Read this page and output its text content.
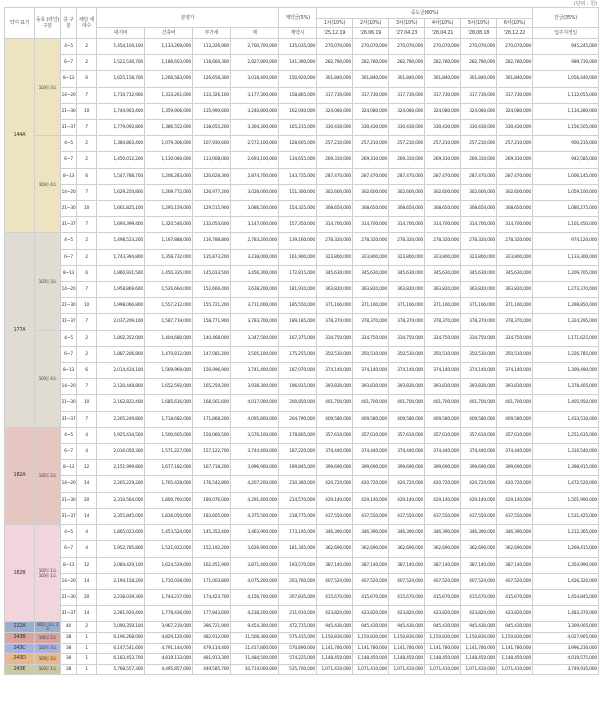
(단위 : 원)
약식 표기	동호 (라인) 구분	층 구분	해당 세대수	분양가				계약금(5%)	중도금(60%)						잔금(35%)
									1차(10%)	2차(10%)	3차(10%)	4차(10%)	5차(10%)	6차(10%)	
				대지비	건축비	부가세	계	계약시	'25.12.19	'26.06.19	'27.04.23	'28.04.21	'28.08.18	'28.12.22	입주지정일
144A	103동 3호	4~5	2	1,454,104,100	1,133,269,000	113,326,900	2,700,700,000	135,035,000	270,070,000	270,070,000	270,070,000	270,070,000	270,070,000	270,070,000	945,245,000
		6~7	2	1,522,536,700	1,186,603,000	118,660,300	2,827,800,000	141,390,000	282,780,000	282,780,000	282,780,000	282,780,000	282,780,000	282,780,000	989,730,000
		8~13	6	1,625,158,700	1,266,583,000	126,658,300	3,018,400,000	150,920,000	301,840,000	301,840,000	301,840,000	301,840,000	301,840,000	301,840,000	1,056,440,000
		14~20	7	1,710,712,900	1,333,261,000	133,326,100	3,177,300,000	158,865,000	317,730,000	317,730,000	317,730,000	317,730,000	317,730,000	317,730,000	1,112,055,000
		21~30	10	1,744,903,400	1,359,906,000	135,990,600	3,240,800,000	162,040,000	324,080,000	324,080,000	324,080,000	324,080,000	324,080,000	324,080,000	1,134,280,000
		31~37	7	1,779,092,800	1,386,552,000	138,655,200	3,304,300,000	165,215,000	330,430,000	330,430,000	330,430,000	330,430,000	330,430,000	330,430,000	1,156,505,000
	103동 4호	4~5	2	1,384,863,400	1,079,306,000	107,930,600	2,572,100,000	128,605,000	257,210,000	257,210,000	257,210,000	257,210,000	257,210,000	257,210,000	900,235,000
		6~7	2	1,450,012,200	1,130,080,000	113,008,000	2,693,100,000	134,655,000	269,310,000	269,310,000	269,310,000	269,310,000	269,310,000	269,310,000	942,585,000
		8~13	6	1,547,788,700	1,206,283,000	120,628,300	2,874,700,000	143,735,000	287,470,000	287,470,000	287,470,000	287,470,000	287,470,000	287,470,000	1,006,145,000
		14~20	7	1,629,250,800	1,269,772,000	126,977,200	3,026,000,000	151,300,000	302,600,000	302,600,000	302,600,000	302,600,000	302,600,000	302,600,000	1,059,100,000
		21~30	10	1,661,825,100	1,295,159,000	129,515,900	3,086,500,000	154,325,000	308,650,000	308,650,000	308,650,000	308,650,000	308,650,000	308,650,000	1,080,275,000
		31~37	7	1,694,399,400	1,320,546,000	132,054,600	3,147,000,000	157,350,000	314,700,000	314,700,000	314,700,000	314,700,000	314,700,000	314,700,000	1,101,450,000
177A	103동 3호	4~5	2	1,498,523,200	1,167,888,000	116,788,800	2,783,200,000	139,160,000	278,320,000	278,320,000	278,320,000	278,320,000	278,320,000	278,320,000	974,120,000
		6~7	2	1,743,394,800	1,358,732,000	135,873,200	3,238,000,000	161,900,000	323,800,000	323,800,000	323,800,000	323,800,000	323,800,000	323,800,000	1,133,300,000
		8~13	6	1,860,931,500	1,450,335,000	145,033,500	3,456,300,000	172,815,000	345,630,000	345,630,000	345,630,000	345,630,000	345,630,000	345,630,000	1,209,705,000
		14~20	7	1,958,869,600	1,526,664,000	152,666,400	3,638,200,000	181,910,000	363,820,000	363,820,000	363,820,000	363,820,000	363,820,000	363,820,000	1,273,370,000
		21~30	10	1,998,066,800	1,557,212,000	155,721,200	3,711,000,000	185,550,000	371,100,000	371,100,000	371,100,000	371,100,000	371,100,000	371,100,000	1,298,850,000
		31~37	7	2,037,209,100	1,587,719,000	158,771,900	3,783,700,000	189,185,000	378,370,000	378,370,000	378,370,000	378,370,000	378,370,000	378,370,000	1,324,295,000
	103동 4호	4~5	2	1,802,352,000	1,404,680,000	140,468,000	3,347,500,000	167,375,000	334,750,000	334,750,000	334,750,000	334,750,000	334,750,000	334,750,000	1,171,625,000
		6~7	2	1,887,206,800	1,470,812,000	147,081,200	3,505,100,000	175,255,000	350,510,000	350,510,000	350,510,000	350,510,000	350,510,000	350,510,000	1,226,785,000
		8~13	6	2,014,434,100	1,569,969,000	156,996,900	3,741,400,000	187,070,000	374,140,000	374,140,000	374,140,000	374,140,000	374,140,000	374,140,000	1,309,490,000
		14~20	7	2,120,448,800	1,652,592,000	165,259,200	3,938,300,000	196,915,000	393,830,000	393,830,000	393,830,000	393,830,000	393,830,000	393,830,000	1,378,405,000
		21~30	10	2,162,822,400	1,685,616,000	168,561,600	4,017,000,000	200,850,000	401,700,000	401,700,000	401,700,000	401,700,000	401,700,000	401,700,000	1,405,950,000
		31~37	7	2,205,249,800	1,718,682,000	171,868,200	4,095,800,000	204,790,000	409,580,000	409,580,000	409,580,000	409,580,000	409,580,000	409,580,000	1,433,530,000
182A	102동 2호	4~5	4	1,925,434,500	1,500,605,000	150,060,500	3,576,100,000	178,805,000	357,610,000	357,610,000	357,610,000	357,610,000	357,610,000	357,610,000	1,251,635,000
		6~7	4	2,016,050,300	1,571,227,000	157,122,700	3,744,400,000	187,220,000	374,440,000	374,440,000	374,440,000	374,440,000	374,440,000	374,440,000	1,310,540,000
		8~13	12	2,151,999,800	1,677,182,000	167,718,200	3,996,900,000	199,845,000	399,690,000	399,690,000	399,690,000	399,690,000	399,690,000	399,690,000	1,398,915,000
		14~20	14	2,265,229,200	1,765,428,000	176,542,800	4,207,200,000	210,360,000	420,720,000	420,720,000	420,720,000	420,720,000	420,720,000	420,720,000	1,472,520,000
		21~30	20	2,310,564,000	1,800,760,000	180,076,000	4,291,400,000	214,570,000	429,140,000	429,140,000	429,140,000	429,140,000	429,140,000	429,140,000	1,501,990,000
		31~37	14	2,355,845,000	1,836,050,000	183,605,000	4,375,500,000	218,775,000	437,550,000	437,550,000	437,550,000	437,550,000	437,550,000	437,550,000	1,531,425,000
182B	102동 1호 103동 1호	4~5	4	1,865,023,600	1,453,524,000	145,352,400	3,463,900,000	173,195,000	346,390,000	346,390,000	346,390,000	346,390,000	346,390,000	346,390,000	1,212,365,000
		6~7	4	1,952,785,800	1,521,922,000	152,192,200	3,626,900,000	181,345,000	362,690,000	362,690,000	362,690,000	362,690,000	362,690,000	362,690,000	1,269,415,000
		8~13	12	2,084,429,100	1,624,519,000	162,451,900	3,871,400,000	193,570,000	387,140,000	387,140,000	387,140,000	387,140,000	387,140,000	387,140,000	1,354,990,000
		14~20	14	2,194,158,200	1,710,038,000	171,003,800	4,075,200,000	203,760,000	407,520,000	407,520,000	407,520,000	407,520,000	407,520,000	407,520,000	1,426,320,000
		21~30	20	2,238,039,300	1,744,237,000	174,423,700	4,156,700,000	207,835,000	415,670,000	415,670,000	415,670,000	415,670,000	415,670,000	415,670,000	1,454,845,000
		31~37	14	2,281,920,400	1,778,436,000	177,843,600	4,238,200,000	211,910,000	423,820,000	423,820,000	423,820,000	423,820,000	423,820,000	423,820,000	1,483,370,000
222A	101동 1호, 2호	40	2	5,090,359,100	3,967,219,000	396,721,900	9,454,300,000	472,715,000	945,430,000	945,430,000	945,430,000	945,430,000	945,430,000	945,430,000	3,309,005,000
243B	101동 2호	38	1	6,196,268,000	4,829,120,000	482,912,000	11,508,300,000	575,415,000	1,150,830,000	1,150,830,000	1,150,830,000	1,150,830,000	1,150,830,000	1,150,830,000	4,027,905,000
243C	102동 2호	38	1	6,147,541,600	4,791,144,000	479,114,400	11,417,800,000	570,890,000	1,141,780,000	1,141,780,000	1,141,780,000	1,141,780,000	1,141,780,000	1,141,780,000	3,996,230,000
243D	103동 3호	38	1	6,183,453,700	4,819,133,000	481,913,300	11,484,500,000	574,225,000	1,148,450,000	1,148,450,000	1,148,450,000	1,148,450,000	1,148,450,000	1,148,450,000	4,019,575,000
243E	103동 1호	38	1	5,768,557,300	4,495,857,000	449,585,700	10,714,000,000	535,700,000	1,071,410,000	1,071,410,000	1,071,410,000	1,071,410,000	1,071,410,000	1,071,410,000	3,749,935,000
